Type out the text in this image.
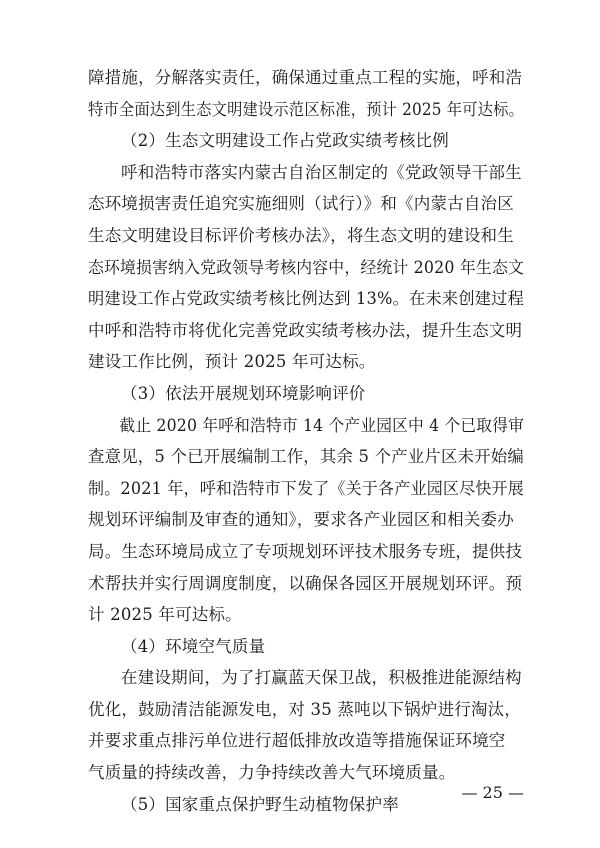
障措施，分解落实责任，确保通过重点工程的实施，呼和浩
特市全面达到生态文明建设示范区标准，预计 2025 年可达标。

（2）生态文明建设工作占党政实绩考核比例

呼和浩特市落实内蒙古自治区制定的《党政领导干部生
态环境损害责任追究实施细则（试行）》和《内蒙古自治区
生态文明建设目标评价考核办法》，将生态文明的建设和生
态环境损害纳入党政领导考核内容中，经统计 2020 年生态文
明建设工作占党政实绩考核比例达到 13%。在未来创建过程
中呼和浩特市将优化完善党政实绩考核办法，提升生态文明
建设工作比例，预计 2025 年可达标。

（3）依法开展规划环境影响评价

截止 2020 年呼和浩特市 14 个产业园区中 4 个已取得审
查意见，5 个已开展编制工作，其余 5 个产业片区未开始编
制。2021 年，呼和浩特市下发了《关于各产业园区尽快开展
规划环评编制及审查的通知》，要求各产业园区和相关委办
局。生态环境局成立了专项规划环评技术服务专班，提供技
术帮扶并实行周调度制度，以确保各园区开展规划环评。预
计 2025 年可达标。

（4）环境空气质量

在建设期间，为了打赢蓝天保卫战，积极推进能源结构
优化，鼓励清洁能源发电，对 35 蒸吨以下锅炉进行淘汰，
并要求重点排污单位进行超低排放改造等措施保证环境空
气质量的持续改善，力争持续改善大气环境质量。

（5）国家重点保护野生动植物保护率

— 25 —
